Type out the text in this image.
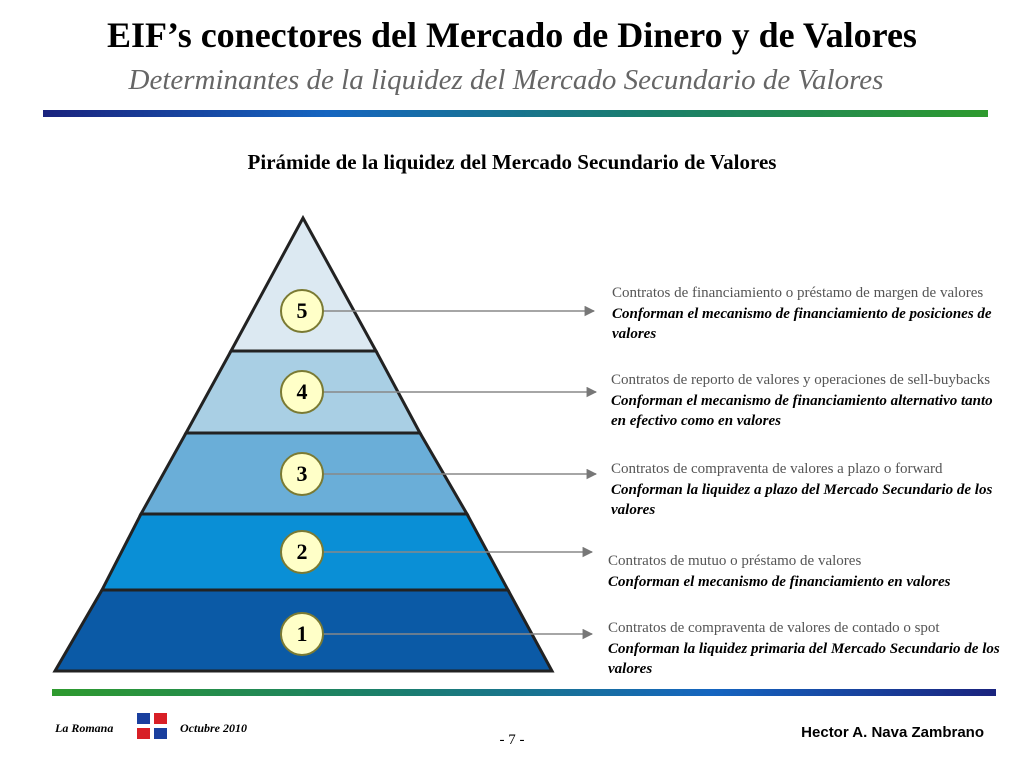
EIF’s conectores del Mercado de Dinero y de Valores
Determinantes de la liquidez del Mercado Secundario de Valores
Pirámide de la liquidez del Mercado Secundario de Valores
5
4
3
2
1
Contratos de financiamiento o préstamo de margen de valores
Conforman el mecanismo de financiamiento de posiciones de valores
Contratos de reporto de valores y operaciones de sell-buybacks
Conforman el mecanismo de financiamiento alternativo tanto en efectivo como en valores
Contratos de compraventa de valores a plazo o forward
Conforman la liquidez a plazo del Mercado Secundario de los valores
Contratos de mutuo o préstamo de valores
Conforman el mecanismo de financiamiento en valores
Contratos de compraventa de valores de contado o spot
Conforman la liquidez primaria del Mercado Secundario de los valores
La Romana	Octubre 2010
- 7 -	Hector A. Nava Zambrano
